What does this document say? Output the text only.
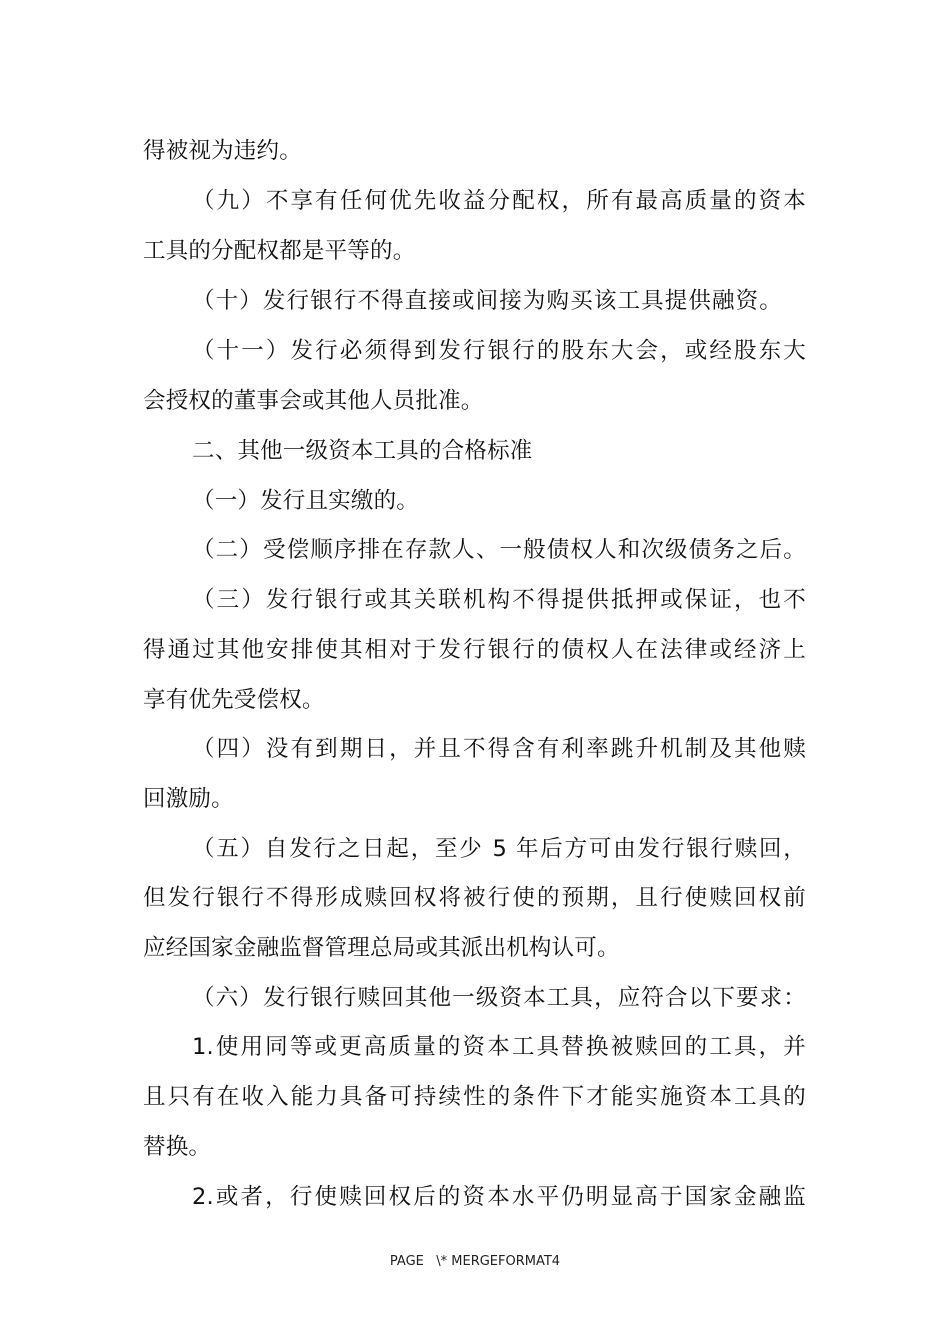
得被视为违约。
（九）不享有任何优先收益分配权，所有最高质量的资本
工具的分配权都是平等的。
（十）发行银行不得直接或间接为购买该工具提供融资。
（十一）发行必须得到发行银行的股东大会，或经股东大
会授权的董事会或其他人员批准。
二、其他一级资本工具的合格标准
（一）发行且实缴的。
（二）受偿顺序排在存款人、一般债权人和次级债务之后。
（三）发行银行或其关联机构不得提供抵押或保证，也不
得通过其他安排使其相对于发行银行的债权人在法律或经济上
享有优先受偿权。
（四）没有到期日，并且不得含有利率跳升机制及其他赎
回激励。
（五）自发行之日起，至少 5 年后方可由发行银行赎回，
但发行银行不得形成赎回权将被行使的预期，且行使赎回权前
应经国家金融监督管理总局或其派出机构认可。
（六）发行银行赎回其他一级资本工具，应符合以下要求：
1.使用同等或更高质量的资本工具替换被赎回的工具，并
且只有在收入能力具备可持续性的条件下才能实施资本工具的
替换。
2.或者，行使赎回权后的资本水平仍明显高于国家金融监
PAGE   \* MERGEFORMAT4
